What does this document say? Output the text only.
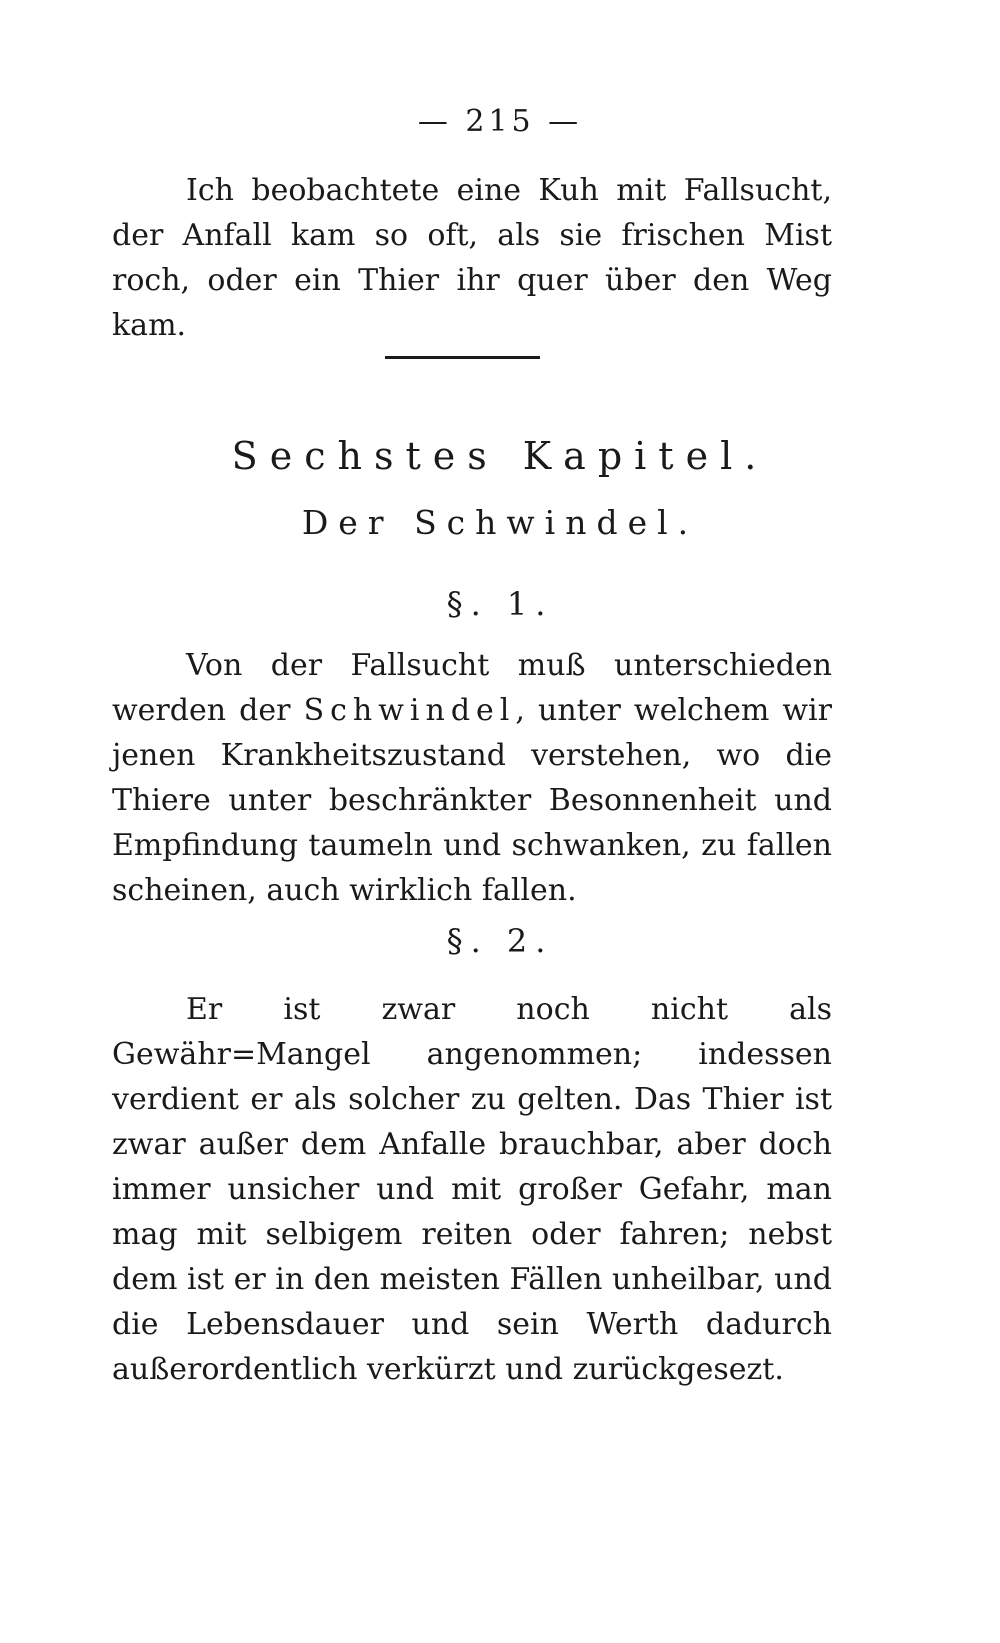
— 215 —

Ich beobachtete eine Kuh mit Fallsucht, der Anfall kam so oft, als sie frischen Mist roch, oder ein Thier ihr quer über den Weg kam.

Sechstes Kapitel.
Der Schwindel.
§. 1.

Von der Fallsucht muß unterschieden werden der Schwindel, unter welchem wir jenen Krankheitszustand verstehen, wo die Thiere unter beschränkter Besonnenheit und Empfindung taumeln und schwanken, zu fallen scheinen, auch wirklich fallen.

§. 2.

Er ist zwar noch nicht als Gewähr=Mangel angenommen; indessen verdient er als solcher zu gelten. Das Thier ist zwar außer dem Anfalle brauchbar, aber doch immer unsicher und mit großer Gefahr, man mag mit selbigem reiten oder fahren; nebst dem ist er in den meisten Fällen unheilbar, und die Lebensdauer und sein Werth dadurch außerordentlich verkürzt und zurückgesezt.
